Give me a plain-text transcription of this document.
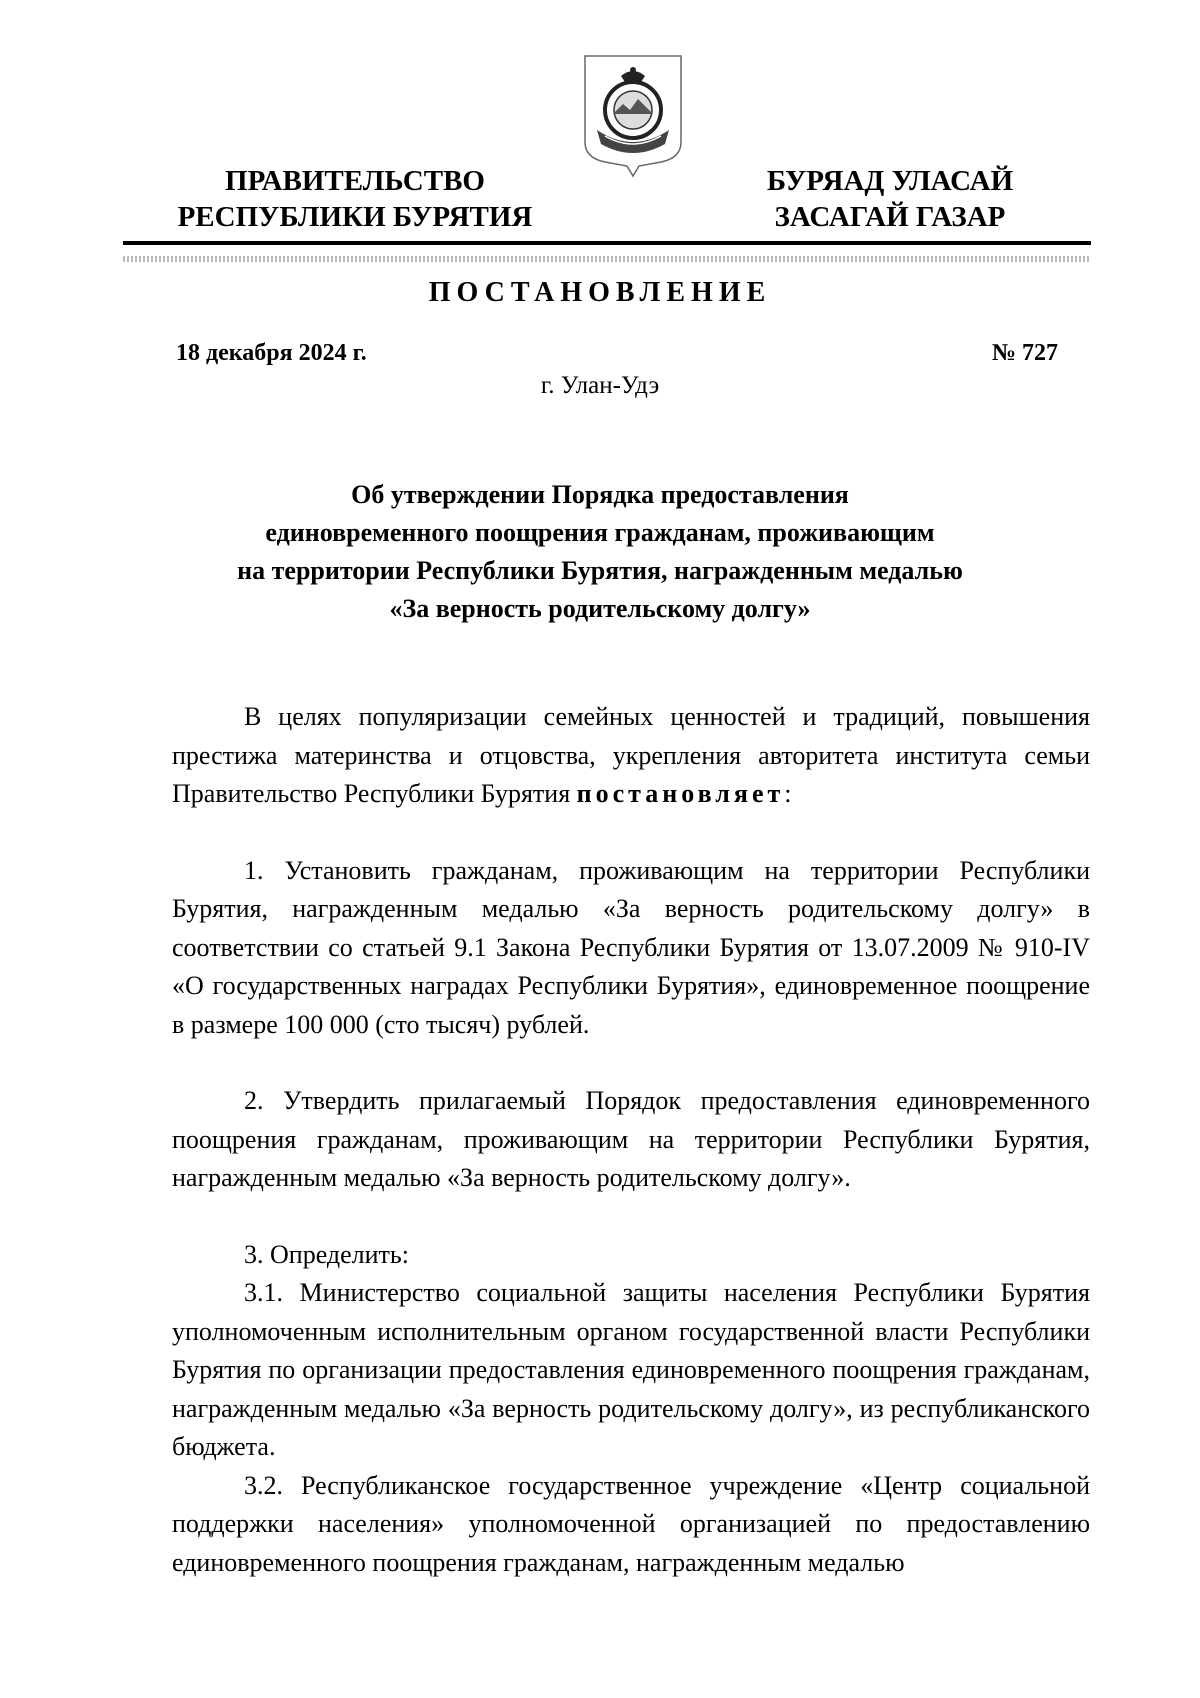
ПРАВИТЕЛЬСТВО
РЕСПУБЛИКИ БУРЯТИЯ
БУРЯАД УЛАСАЙ
ЗАСАГАЙ ГАЗАР
ПОСТАНОВЛЕНИЕ
18 декабря 2024 г.	№ 727
г. Улан-Удэ
Об утверждении Порядка предоставления
единовременного поощрения гражданам, проживающим
на территории Республики Бурятия, награжденным медалью
«За верность родительскому долгу»

В целях популяризации семейных ценностей и традиций, повышения престижа материнства и отцовства, укрепления авторитета института семьи Правительство Республики Бурятия постановляет:

1. Установить гражданам, проживающим на территории Республики Бурятия, награжденным медалью «За верность родительскому долгу» в соответствии со статьей 9.1 Закона Республики Бурятия от 13.07.2009 № 910-IV «О государственных наградах Республики Бурятия», единовременное поощрение в размере 100 000 (сто тысяч) рублей.

2. Утвердить прилагаемый Порядок предоставления единовременного поощрения гражданам, проживающим на территории Республики Бурятия, награжденным медалью «За верность родительскому долгу».

3. Определить:

3.1. Министерство социальной защиты населения Республики Бурятия уполномоченным исполнительным органом государственной власти Республики Бурятия по организации предоставления единовременного поощрения гражданам, награжденным медалью «За верность родительскому долгу», из республиканского бюджета.

3.2. Республиканское государственное учреждение «Центр социальной поддержки населения» уполномоченной организацией по предоставлению единовременного поощрения гражданам, награжденным медалью
